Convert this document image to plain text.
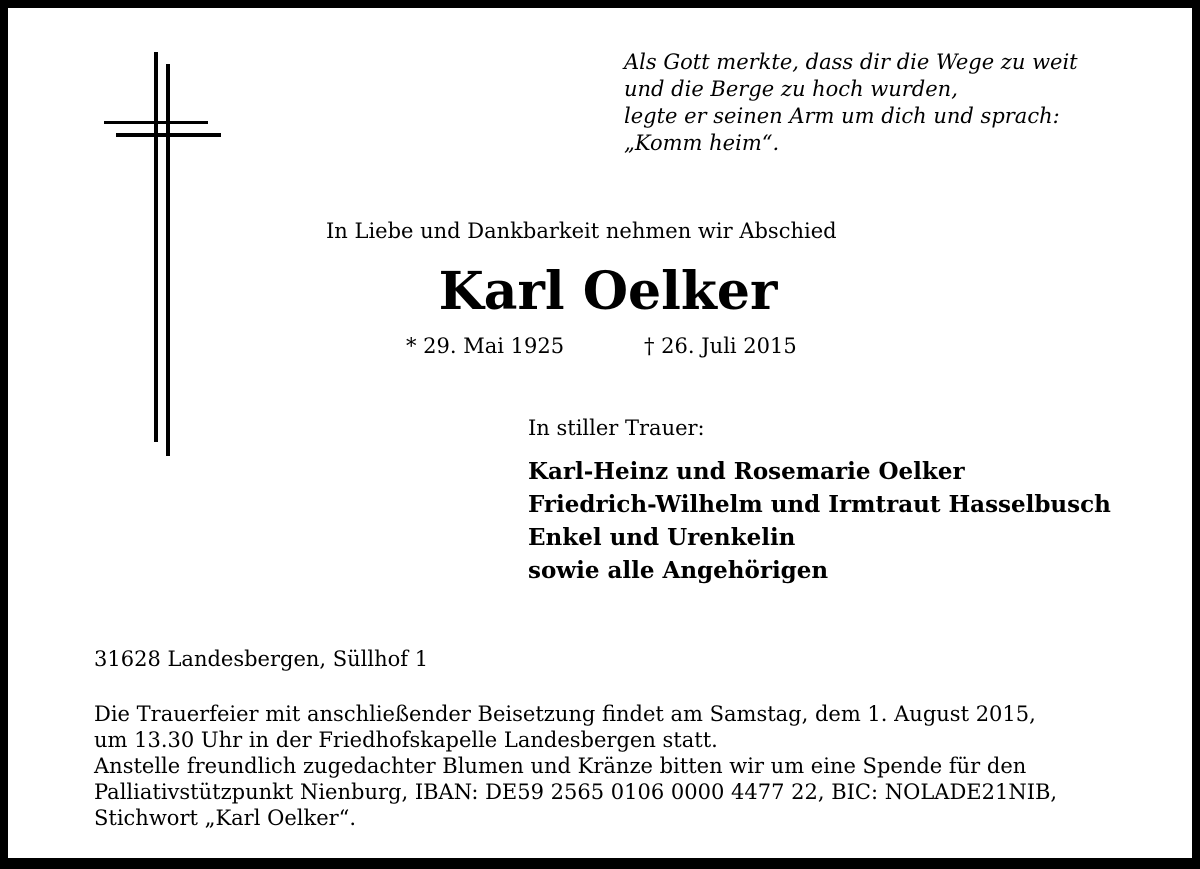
Als Gott merkte, dass dir die Wege zu weit
und die Berge zu hoch wurden,
legte er seinen Arm um dich und sprach:
„Komm heim“.
In Liebe und Dankbarkeit nehmen wir Abschied
Karl Oelker
* 29. Mai 1925	† 26. Juli 2015
In stiller Trauer:
Karl-Heinz und Rosemarie Oelker
Friedrich-Wilhelm und Irmtraut Hasselbusch
Enkel und Urenkelin
sowie alle Angehörigen
31628 Landesbergen, Süllhof 1
Die Trauerfeier mit anschließender Beisetzung findet am Samstag, dem 1. August 2015,
um 13.30 Uhr in der Friedhofskapelle Landesbergen statt.
Anstelle freundlich zugedachter Blumen und Kränze bitten wir um eine Spende für den
Palliativstützpunkt Nienburg, IBAN: DE59 2565 0106 0000 4477 22, BIC: NOLADE21NIB,
Stichwort „Karl Oelker“.
